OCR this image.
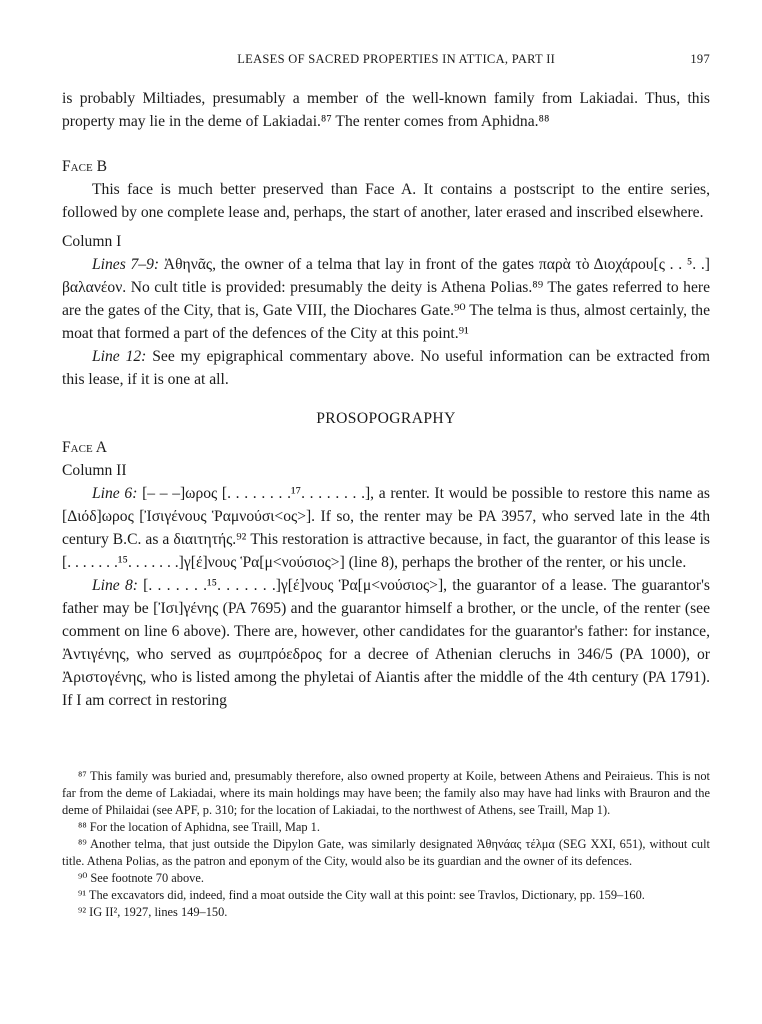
LEASES OF SACRED PROPERTIES IN ATTICA, PART II	197

is probably Miltiades, presumably a member of the well-known family from Lakiadai. Thus, this property may lie in the deme of Lakiadai.⁸⁷ The renter comes from Aphidna.⁸⁸

Face B

This face is much better preserved than Face A. It contains a postscript to the entire series, followed by one complete lease and, perhaps, the start of another, later erased and inscribed elsewhere.

Column I

Lines 7–9: Ἀθηνᾶς, the owner of a telma that lay in front of the gates παρὰ τὸ Διοχάρου[ς . . ⁵. .] βαλανέον. No cult title is provided: presumably the deity is Athena Polias.⁸⁹ The gates referred to here are the gates of the City, that is, Gate VIII, the Diochares Gate.⁹⁰ The telma is thus, almost certainly, the moat that formed a part of the defences of the City at this point.⁹¹

Line 12: See my epigraphical commentary above. No useful information can be extracted from this lease, if it is one at all.

PROSOPOGRAPHY
Face A
Column II

Line 6: [– – –]ωρος [. . . . . . . .¹⁷. . . . . . . .], a renter. It would be possible to restore this name as [Διόδ]ωρος [Ἰσιγένους Ῥαμνούσι<ος>]. If so, the renter may be PA 3957, who served late in the 4th century B.C. as a διαιτητής.⁹² This restoration is attractive because, in fact, the guarantor of this lease is [. . . . . . .¹⁵. . . . . . .]γ[έ]νους Ῥα[μ<νούσιος>] (line 8), perhaps the brother of the renter, or his uncle.

Line 8: [. . . . . . .¹⁵. . . . . . .]γ[έ]νους Ῥα[μ<νούσιος>], the guarantor of a lease. The guarantor's father may be [Ἰσι]γένης (PA 7695) and the guarantor himself a brother, or the uncle, of the renter (see comment on line 6 above). There are, however, other candidates for the guarantor's father: for instance, Ἀντιγένης, who served as συμπρόεδρος for a decree of Athenian cleruchs in 346/5 (PA 1000), or Ἀριστογένης, who is listed among the phyletai of Aiantis after the middle of the 4th century (PA 1791). If I am correct in restoring

⁸⁷ This family was buried and, presumably therefore, also owned property at Koile, between Athens and Peiraieus. This is not far from the deme of Lakiadai, where its main holdings may have been; the family also may have had links with Brauron and the deme of Philaidai (see APF, p. 310; for the location of Lakiadai, to the northwest of Athens, see Traill, Map 1).

⁸⁸ For the location of Aphidna, see Traill, Map 1.

⁸⁹ Another telma, that just outside the Dipylon Gate, was similarly designated Ἀθηνάας τέλμα (SEG XXI, 651), without cult title. Athena Polias, as the patron and eponym of the City, would also be its guardian and the owner of its defences.

⁹⁰ See footnote 70 above.

⁹¹ The excavators did, indeed, find a moat outside the City wall at this point: see Travlos, Dictionary, pp. 159–160.

⁹² IG II², 1927, lines 149–150.
